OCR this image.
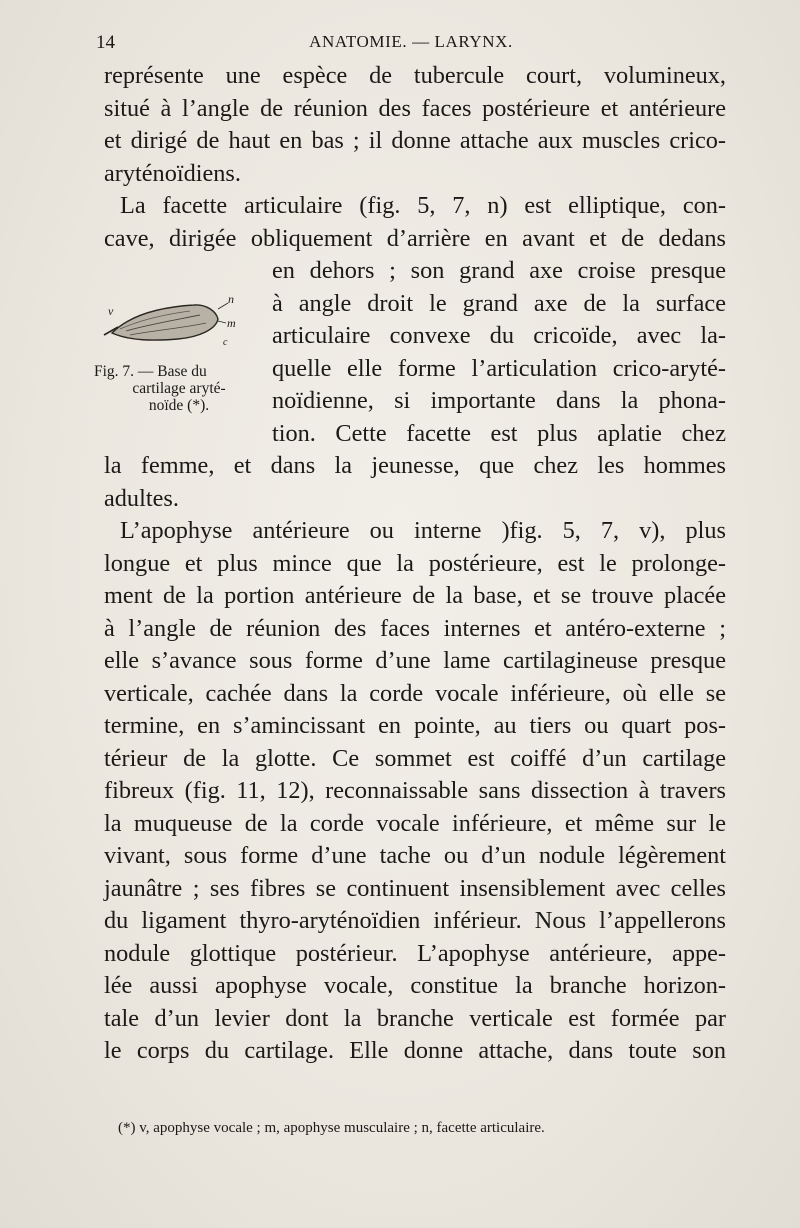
14	ANATOMIE. — LARYNX.
représente une espèce de tubercule court, volumineux,
situé à l’angle de réunion des faces postérieure et antérieure
et dirigé de haut en bas ; il donne attache aux muscles crico-
aryténoïdiens.
La facette articulaire (fig. 5, 7, n) est elliptique, con-
cave, dirigée obliquement d’arrière en avant et de dedans
en dehors ; son grand axe croise presque
à angle droit le grand axe de la surface
articulaire convexe du cricoïde, avec la-
quelle elle forme l’articulation crico-aryté-
noïdienne, si importante dans la phona-
tion. Cette facette est plus aplatie chez
la femme, et dans la jeunesse, que chez les hommes
adultes.
L’apophyse antérieure ou interne )fig. 5, 7, v), plus
longue et plus mince que la postérieure, est le prolonge-
ment de la portion antérieure de la base, et se trouve placée
à l’angle de réunion des faces internes et antéro-externe ;
elle s’avance sous forme d’une lame cartilagineuse presque
verticale, cachée dans la corde vocale inférieure, où elle se
termine, en s’amincissant en pointe, au tiers ou quart pos-
térieur de la glotte. Ce sommet est coiffé d’un cartilage
fibreux (fig. 11, 12), reconnaissable sans dissection à travers
la muqueuse de la corde vocale inférieure, et même sur le
vivant, sous forme d’une tache ou d’un nodule légèrement
jaunâtre ; ses fibres se continuent insensiblement avec celles
du ligament thyro-aryténoïdien inférieur. Nous l’appellerons
nodule glottique postérieur. L’apophyse antérieure, appe-
lée aussi apophyse vocale, constitue la branche horizon-
tale d’un levier dont la branche verticale est formée par
le corps du cartilage. Elle donne attache, dans toute son
v
n
m
c
Fig. 7. — Base du
cartilage aryté-
noïde (*).
(*) v, apophyse vocale ; m, apophyse musculaire ; n, facette articulaire.
